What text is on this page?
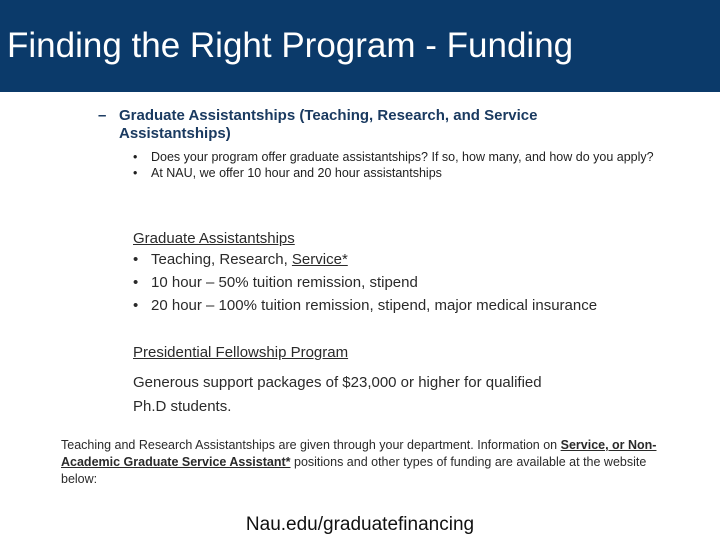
Finding the Right Program - Funding
– Graduate Assistantships (Teaching, Research, and Service Assistantships)
• Does your program offer graduate assistantships? If so, how many, and how do you apply?
• At NAU, we offer 10 hour and 20 hour assistantships
Graduate Assistantships
• Teaching, Research, Service*
• 10 hour – 50% tuition remission, stipend
• 20 hour – 100% tuition remission, stipend, major medical insurance
Presidential Fellowship Program
Generous support packages of $23,000 or higher for qualified Ph.D students.
Teaching and Research Assistantships are given through your department. Information on Service, or Non-Academic Graduate Service Assistant* positions and other types of funding are available at the website below:
Nau.edu/graduatefinancing
